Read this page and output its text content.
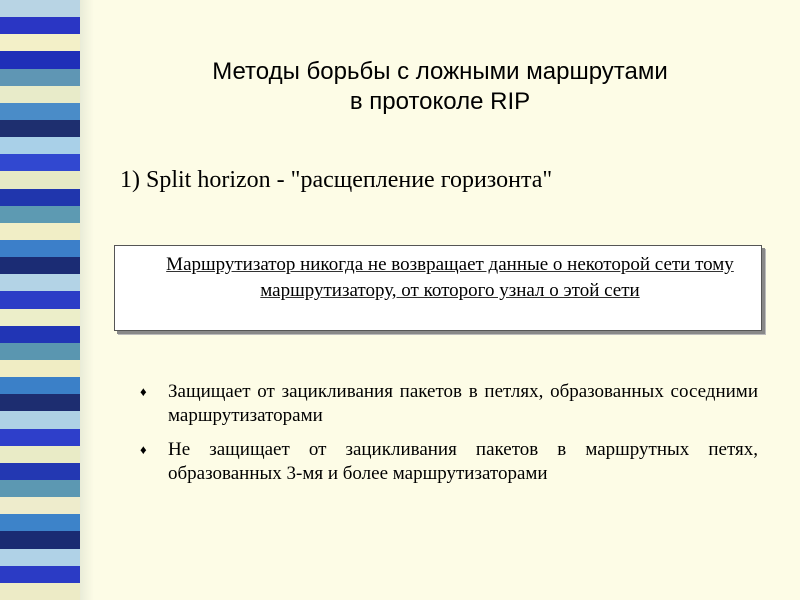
Методы борьбы с ложными маршрутами
в протоколе RIP
1) Split horizon - "расщепление горизонта"
Маршрутизатор никогда не возвращает данные о некоторой сети тому маршрутизатору, от которого узнал о этой сети
♦ Защищает от зацикливания пакетов в петлях, образованных соседними маршрутизаторами
♦ Не защищает от зацикливания пакетов в маршрутных петях, образованных 3-мя и более маршрутизаторами
